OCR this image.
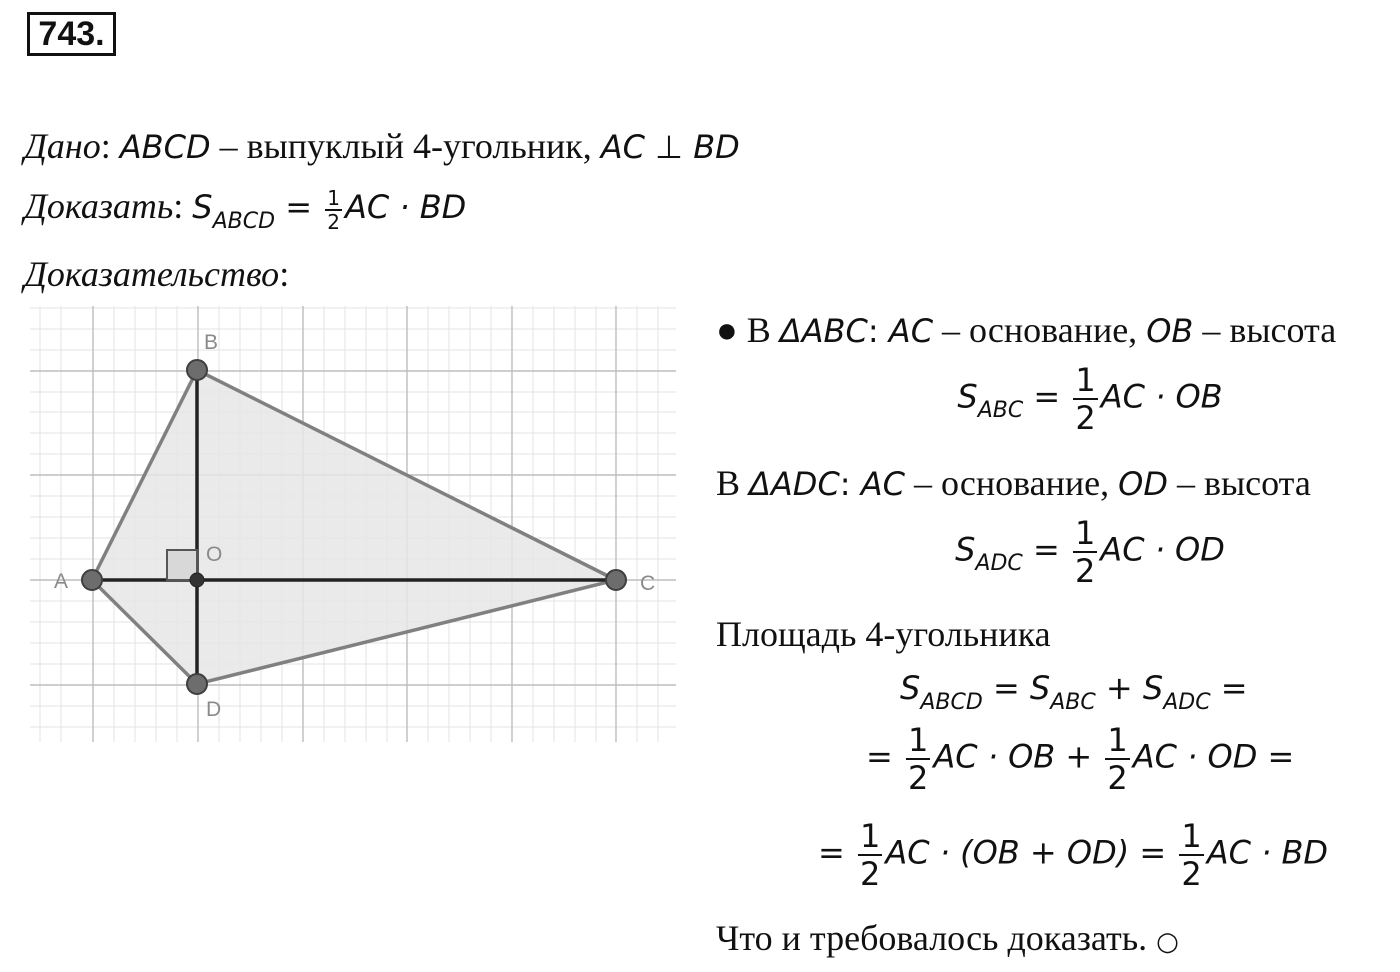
743.
Дано: ABCD – выпуклый 4-угольник, AC ⊥ BD
Доказать: $S_{ABCD} = \frac{1}{2}$ AC · BD
Доказательство:
A
B
C
D
O
● В ΔABC: AC – основание, OB – высота
$S_{ABC} = \frac{1}{2}$ AC · OB
В ΔADC: AC – основание, OD – высота
$S_{ADC} = \frac{1}{2}$ AC · OD
Площадь 4-угольника
$S_{ABCD} = S_{ABC} + S_{ADC}$ =
= $\frac{1}{2}$ AC · OB + $\frac{1}{2}$ AC · OD =
= $\frac{1}{2}$ AC · $(OB + OD) = \frac{1}{2}$ AC · BD
Что и требовалось доказать. ○
